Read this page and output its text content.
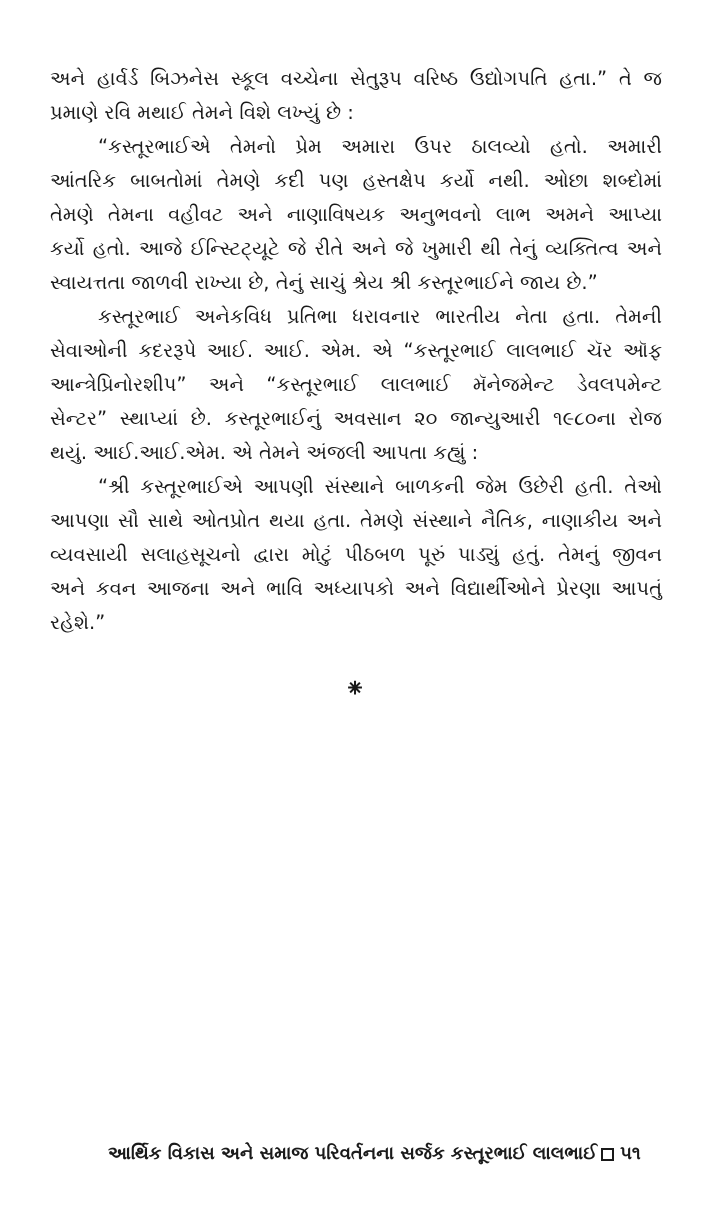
અને હાર્વર્ડ બિઝનેસ સ્કૂલ વચ્ચેના સેતુરૂપ વરિષ્ઠ ઉદ્યોગપતિ હતા.” તે જ
પ્રમાણે રવિ મથાઈ તેમને વિશે લખ્યું છે :
“કસ્તૂરભાઈએ તેમનો પ્રેમ અમારા ઉપર ઠાલવ્યો હતો. અમારી
આંતરિક બાબતોમાં તેમણે કદી પણ હસ્તક્ષેપ કર્યો નથી. ઓછા શબ્દોમાં
તેમણે તેમના વહીવટ અને નાણાવિષયક અનુભવનો લાભ અમને આપ્યા
કર્યો હતો. આજે ઈન્સ્ટિટ્યૂટે જે રીતે અને જે ખુમારી થી તેનું વ્યક્તિત્વ અને
સ્વાયત્તતા જાળવી રાખ્યા છે, તેનું સાચું શ્રેય શ્રી કસ્તૂરભાઈને જાય છે.”
કસ્તૂરભાઈ અનેકવિધ પ્રતિભા ધરાવનાર ભારતીય નેતા હતા. તેમની
સેવાઓની કદરરૂપે આઈ. આઈ. એમ. એ “કસ્તૂરભાઈ લાલભાઈ ચૅર ઑફ
આન્ત્રેપ્રિનોરશીપ” અને “કસ્તૂરભાઈ લાલભાઈ મૅનેજમેન્ટ ડેવલપમેન્ટ
સેન્ટર” સ્થાપ્યાં છે. કસ્તૂરભાઈનું અવસાન ૨૦ જાન્યુઆરી ૧૯૮૦ના રોજ
થયું. આઈ.આઈ.એમ. એ તેમને અંજલી આપતા કહ્યું :
“શ્રી કસ્તૂરભાઈએ આપણી સંસ્થાને બાળકની જેમ ઉછેરી હતી. તેઓ
આપણા સૌ સાથે ઓતપ્રોત થયા હતા. તેમણે સંસ્થાને નૈતિક, નાણાકીય અને
વ્યવસાયી સલાહસૂચનો દ્વારા મોટું પીઠબળ પૂરું પાડ્યું હતું. તેમનું જીવન
અને કવન આજના અને ભાવિ અધ્યાપકો અને વિદ્યાર્થીઓને પ્રેરણા આપતું
રહેશે.”
⁕
આર્થિક વિકાસ અને સમાજ પરિવર્તનના સર્જક કસ્તૂરભાઈ લાલભાઈ ૫૧
